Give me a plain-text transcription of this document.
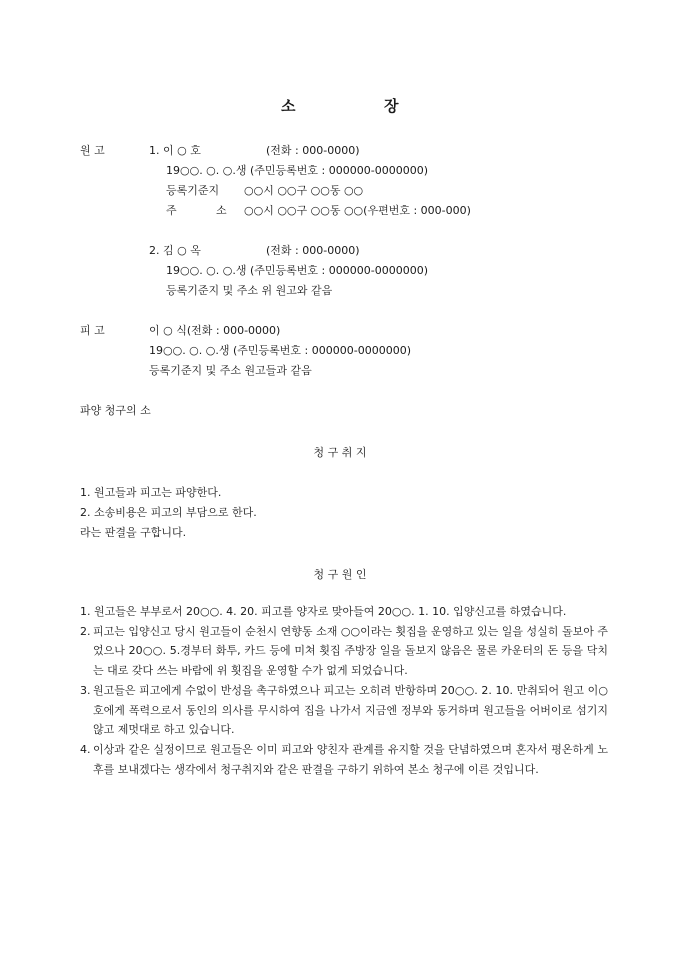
소	장
원 고	1. 이 ○ 호	(전화 : 000-0000)
19○○. ○. ○.생 (주민등록번호 : 000000-0000000)
등록기준지 ○○시 ○○구 ○○동 ○○
주	소 ○○시 ○○구 ○○동 ○○(우편번호 : 000-000)
2. 김 ○ 옥	(전화 : 000-0000)
19○○. ○. ○.생 (주민등록번호 : 000000-0000000)
등록기준지 및 주소 위 원고와 같음
피 고	이 ○ 식(전화 : 000-0000)
19○○. ○. ○.생 (주민등록번호 : 000000-0000000)
등록기준지 및 주소 원고들과 같음
파양 청구의 소
청 구 취 지
1. 원고들과 피고는 파양한다.
2. 소송비용은 피고의 부담으로 한다.
라는 판결을 구합니다.
청 구 원 인
1. 원고들은 부부로서 20○○. 4. 20. 피고를 양자로 맞아들여 20○○. 1. 10. 입양신고를 하였습니다.
2. 피고는 입양신고 당시 원고들이 순천시 연향동 소재 ○○이라는 횟집을 운영하고 있는 일을 성실히 돌보아 주었으나 20○○. 5.경부터 화투, 카드 등에 미쳐 횟집 주방장 일을 돌보지 않음은 물론 카운터의 돈 등을 닥치는 대로 갖다 쓰는 바람에 위 횟집을 운영할 수가 없게 되었습니다.
3. 원고들은 피고에게 수없이 반성을 촉구하였으나 피고는 오히려 반항하며 20○○. 2. 10. 만취되어 원고 이○호에게 폭력으로서 동인의 의사를 무시하여 집을 나가서 지금엔 정부와 동거하며 원고들을 어버이로 섬기지 않고 제멋대로 하고 있습니다.
4. 이상과 같은 실정이므로 원고들은 이미 피고와 양친자 관계를 유지할 것을 단념하였으며 혼자서 평온하게 노후를 보내겠다는 생각에서 청구취지와 같은 판결을 구하기 위하여 본소 청구에 이른 것입니다.
